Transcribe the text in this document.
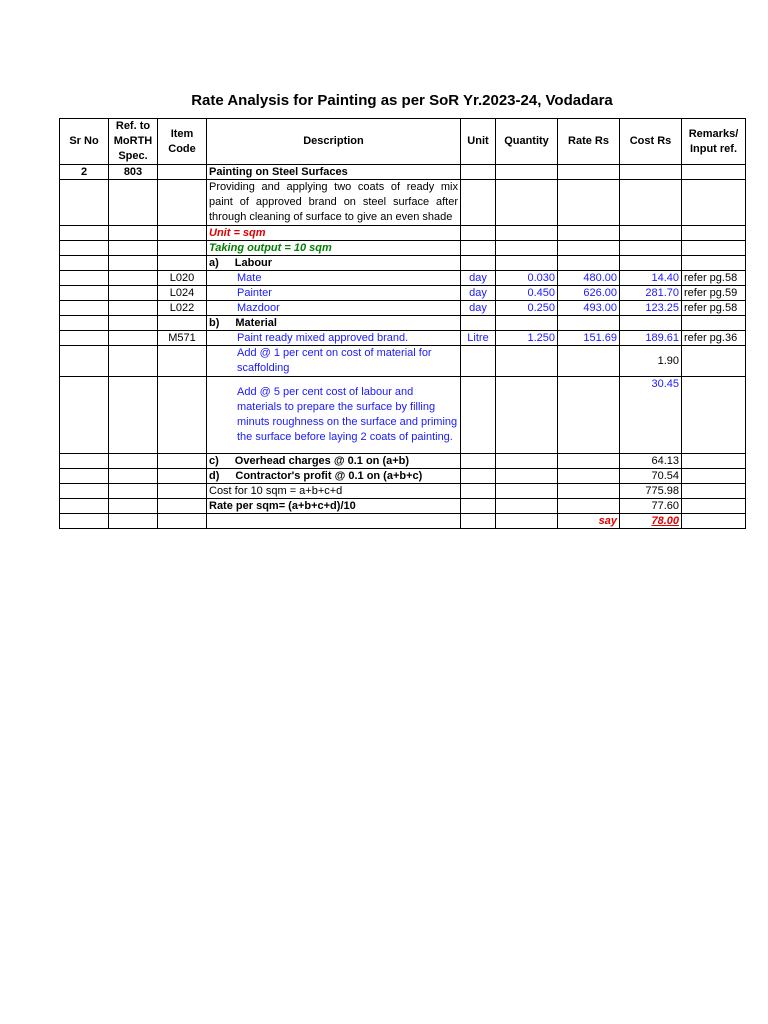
Rate Analysis for Painting as per SoR Yr.2023-24, Vodadara
Sr No	Ref. to MoRTH Spec.	Item Code	Description	Unit	Quantity	Rate Rs	Cost Rs	Remarks/ Input ref.
2	803		Painting on Steel Surfaces					
			Providing and applying two coats of ready mix paint of approved brand on steel surface after through cleaning of surface to give an even shade					
			Unit = sqm					
			Taking output = 10 sqm					
			a) Labour					
		L020	Mate	day	0.030	480.00	14.40	refer pg.58
		L024	Painter	day	0.450	626.00	281.70	refer pg.59
		L022	Mazdoor	day	0.250	493.00	123.25	refer pg.58
			b) Material					
		M571	Paint ready mixed approved brand.	Litre	1.250	151.69	189.61	refer pg.36
			Add @ 1 per cent on cost of material for scaffolding				1.90	
			Add @ 5 per cent cost of labour and materials to prepare the surface by filling minuts roughness on the surface and priming the surface before laying 2 coats of painting.				30.45	
			c) Overhead charges @ 0.1 on (a+b)				64.13	
			d) Contractor's profit @ 0.1 on (a+b+c)				70.54	
			Cost for 10 sqm = a+b+c+d				775.98	
			Rate per sqm= (a+b+c+d)/10				77.60	
						say	78.00	
